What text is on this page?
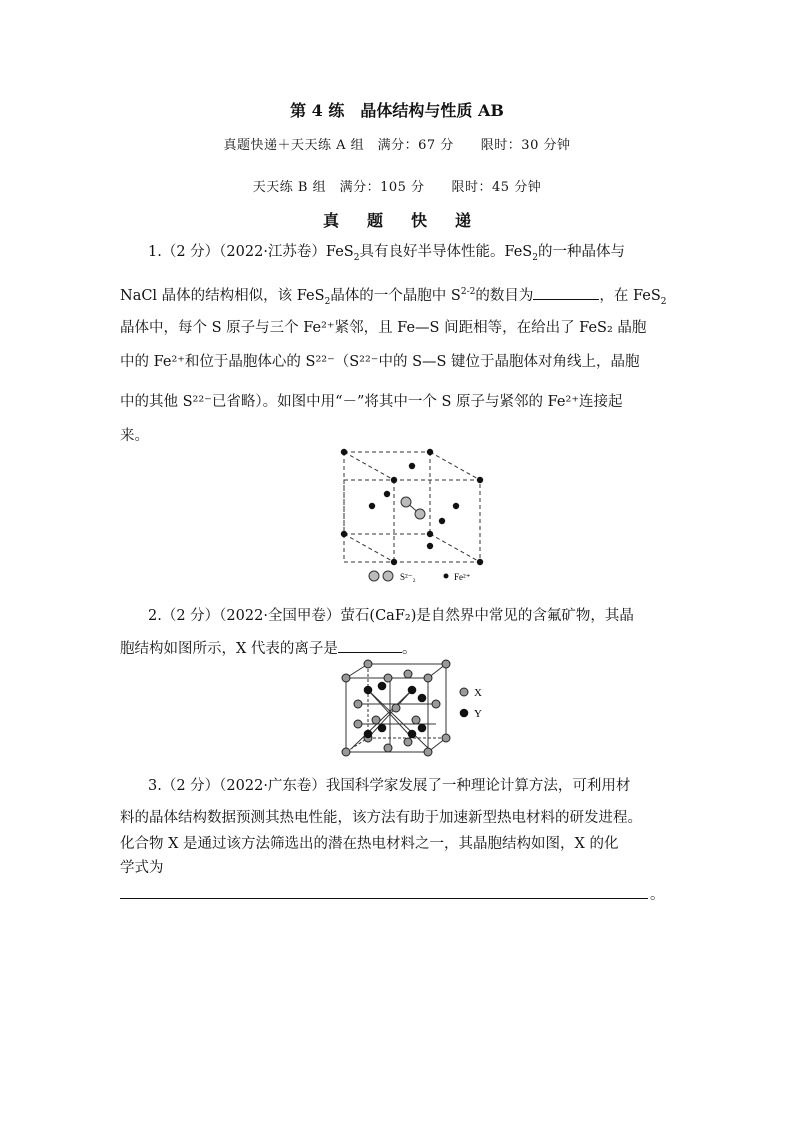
第 4 练　晶体结构与性质 AB
真题快递＋天天练 A 组　满分：67 分　　限时：30 分钟
天天练 B 组　满分：105 分　　限时：45 分钟
真题快递
1.（2 分）（2022·江苏卷）FeS$_2$具有良好半导体性能。FeS$_2$的一种晶体与
NaCl 晶体的结构相似，该 FeS$_2$晶体的一个晶胞中 $S^{2-2}$的数目为	，在 FeS$_2$
晶体中，每个 S 原子与三个 Fe²⁺紧邻，且 Fe—S 间距相等，在给出了 FeS₂ 晶胞
中的 Fe²⁺和位于晶胞体心的 S²²⁻（S²²⁻中的 S—S 键位于晶胞体对角线上，晶胞
中的其他 S²²⁻已省略）。如图中用“－”将其中一个 S 原子与紧邻的 Fe²⁺连接起
来。
S²⁻₂	Fe²⁺
2.（2 分）（2022·全国甲卷）萤石(CaF₂)是自然界中常见的含氟矿物，其晶
胞结构如图所示，X 代表的离子是	。
X
Y
3.（2 分）（2022·广东卷）我国科学家发展了一种理论计算方法，可利用材
料的晶体结构数据预测其热电性能，该方法有助于加速新型热电材料的研发进程。
化合物 X 是通过该方法筛选出的潜在热电材料之一，其晶胞结构如图，X 的化
学式为
。
